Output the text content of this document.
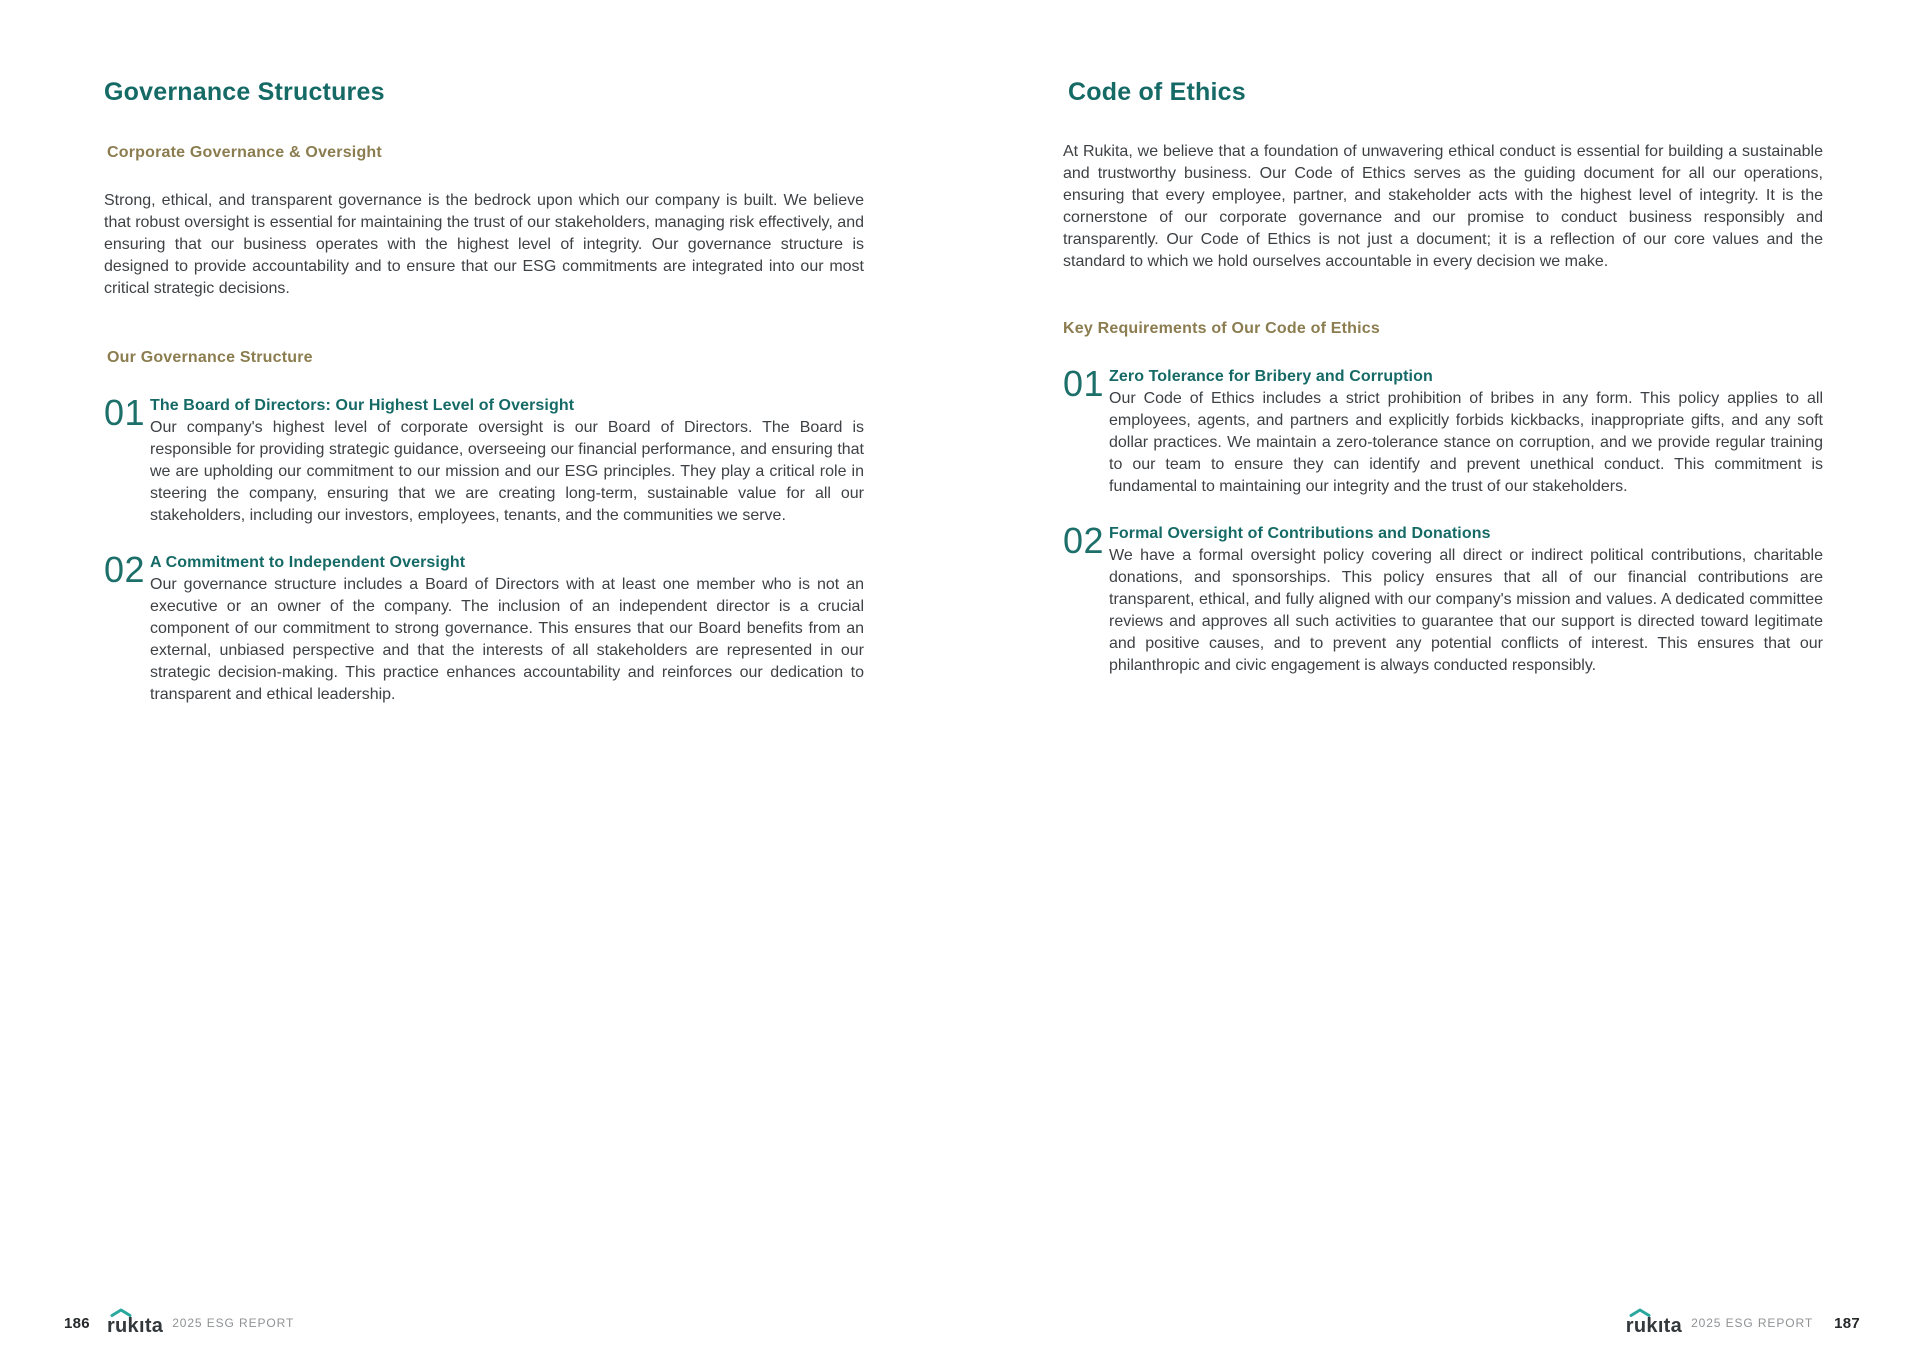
Governance Structures
Corporate Governance & Oversight

Strong, ethical, and transparent governance is the bedrock upon which our company is built. We believe that robust oversight is essential for maintaining the trust of our stakeholders, managing risk effectively, and ensuring that our business operates with the highest level of integrity. Our governance structure is designed to provide accountability and to ensure that our ESG commitments are integrated into our most critical strategic decisions.

Our Governance Structure
01 The Board of Directors: Our Highest Level of Oversight

Our company's highest level of corporate oversight is our Board of Directors. The Board is responsible for providing strategic guidance, overseeing our financial performance, and ensuring that we are upholding our commitment to our mission and our ESG principles. They play a critical role in steering the company, ensuring that we are creating long-term, sustainable value for all our stakeholders, including our investors, employees, tenants, and the communities we serve.

02 A Commitment to Independent Oversight

Our governance structure includes a Board of Directors with at least one member who is not an executive or an owner of the company. The inclusion of an independent director is a crucial component of our commitment to strong governance. This ensures that our Board benefits from an external, unbiased perspective and that the interests of all stakeholders are represented in our strategic decision-making. This practice enhances accountability and reinforces our dedication to transparent and ethical leadership.

Code of Ethics

At Rukita, we believe that a foundation of unwavering ethical conduct is essential for building a sustainable and trustworthy business. Our Code of Ethics serves as the guiding document for all our operations, ensuring that every employee, partner, and stakeholder acts with the highest level of integrity. It is the cornerstone of our corporate governance and our promise to conduct business responsibly and transparently. Our Code of Ethics is not just a document; it is a reflection of our core values and the standard to which we hold ourselves accountable in every decision we make.

Key Requirements of Our Code of Ethics
01 Zero Tolerance for Bribery and Corruption

Our Code of Ethics includes a strict prohibition of bribes in any form. This policy applies to all employees, agents, and partners and explicitly forbids kickbacks, inappropriate gifts, and any soft dollar practices. We maintain a zero-tolerance stance on corruption, and we provide regular training to our team to ensure they can identify and prevent unethical conduct. This commitment is fundamental to maintaining our integrity and the trust of our stakeholders.

02 Formal Oversight of Contributions and Donations

We have a formal oversight policy covering all direct or indirect political contributions, charitable donations, and sponsorships. This policy ensures that all of our financial contributions are transparent, ethical, and fully aligned with our company's mission and values. A dedicated committee reviews and approves all such activities to guarantee that our support is directed toward legitimate and positive causes, and to prevent any potential conflicts of interest. This ensures that our philanthropic and civic engagement is always conducted responsibly.

186 rukıta 2025 ESG REPORT	rukıta 2025 ESG REPORT 187
